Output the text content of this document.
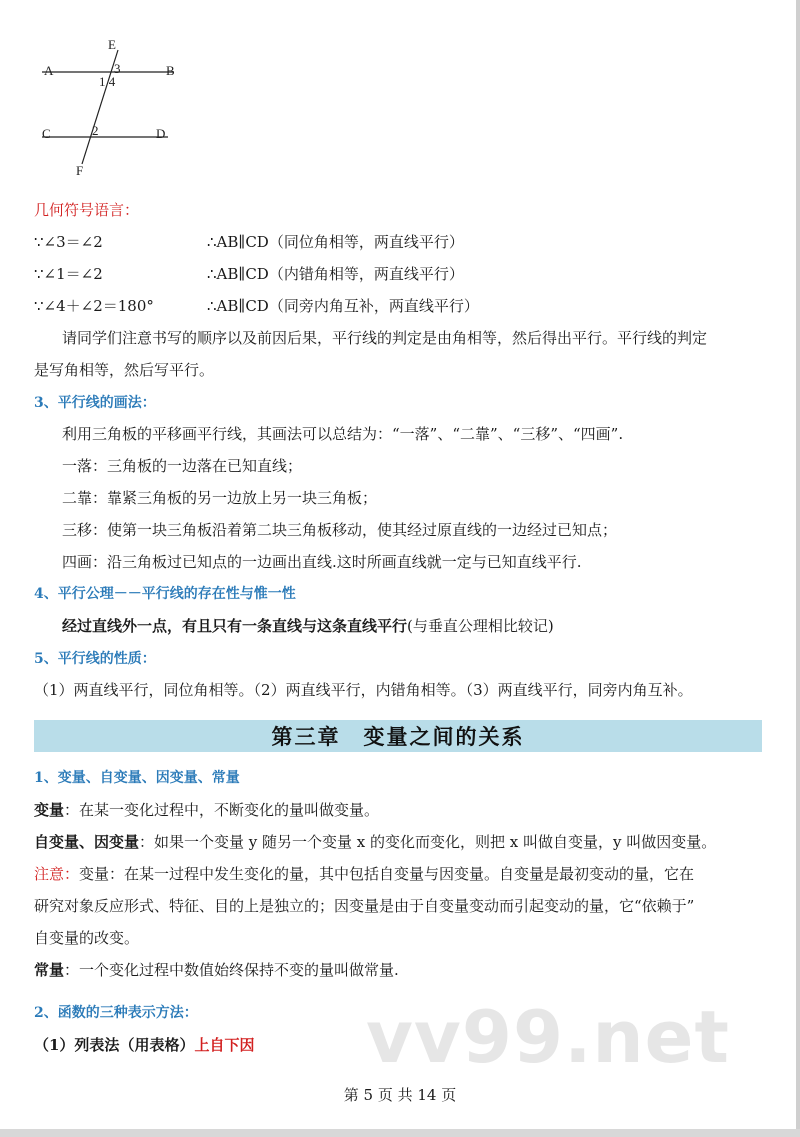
E
A	B
3
1 4
C	2	D
F
几何符号语言：
∵∠3＝∠2	∴AB∥CD（同位角相等，两直线平行）
∵∠1＝∠2	∴AB∥CD（内错角相等，两直线平行）
∵∠4＋∠2＝180°	∴AB∥CD（同旁内角互补，两直线平行）
请同学们注意书写的顺序以及前因后果，平行线的判定是由角相等，然后得出平行。平行线的判定
是写角相等，然后写平行。
3、平行线的画法：
利用三角板的平移画平行线，其画法可以总结为：“一落”、“二靠”、“三移”、“四画”.
一落：三角板的一边落在已知直线；
二靠：靠紧三角板的另一边放上另一块三角板；
三移：使第一块三角板沿着第二块三角板移动，使其经过原直线的一边经过已知点；
四画：沿三角板过已知点的一边画出直线.这时所画直线就一定与已知直线平行.
4、平行公理－－平行线的存在性与惟一性
经过直线外一点，有且只有一条直线与这条直线平行(与垂直公理相比较记)
5、平行线的性质：
（1）两直线平行，同位角相等。（2）两直线平行，内错角相等。（3）两直线平行，同旁内角互补。
第三章　变量之间的关系
1、变量、自变量、因变量、常量
变量：在某一变化过程中，不断变化的量叫做变量。
自变量、因变量：如果一个变量 y 随另一个变量 x 的变化而变化，则把 x 叫做自变量，y 叫做因变量。
注意：变量：在某一过程中发生变化的量，其中包括自变量与因变量。自变量是最初变动的量，它在
研究对象反应形式、特征、目的上是独立的；因变量是由于自变量变动而引起变动的量，它“依赖于”
自变量的改变。
常量：一个变化过程中数值始终保持不变的量叫做常量.
2、函数的三种表示方法：
（1）列表法（用表格）上自下因 vv99.net
第 5 页 共 14 页
